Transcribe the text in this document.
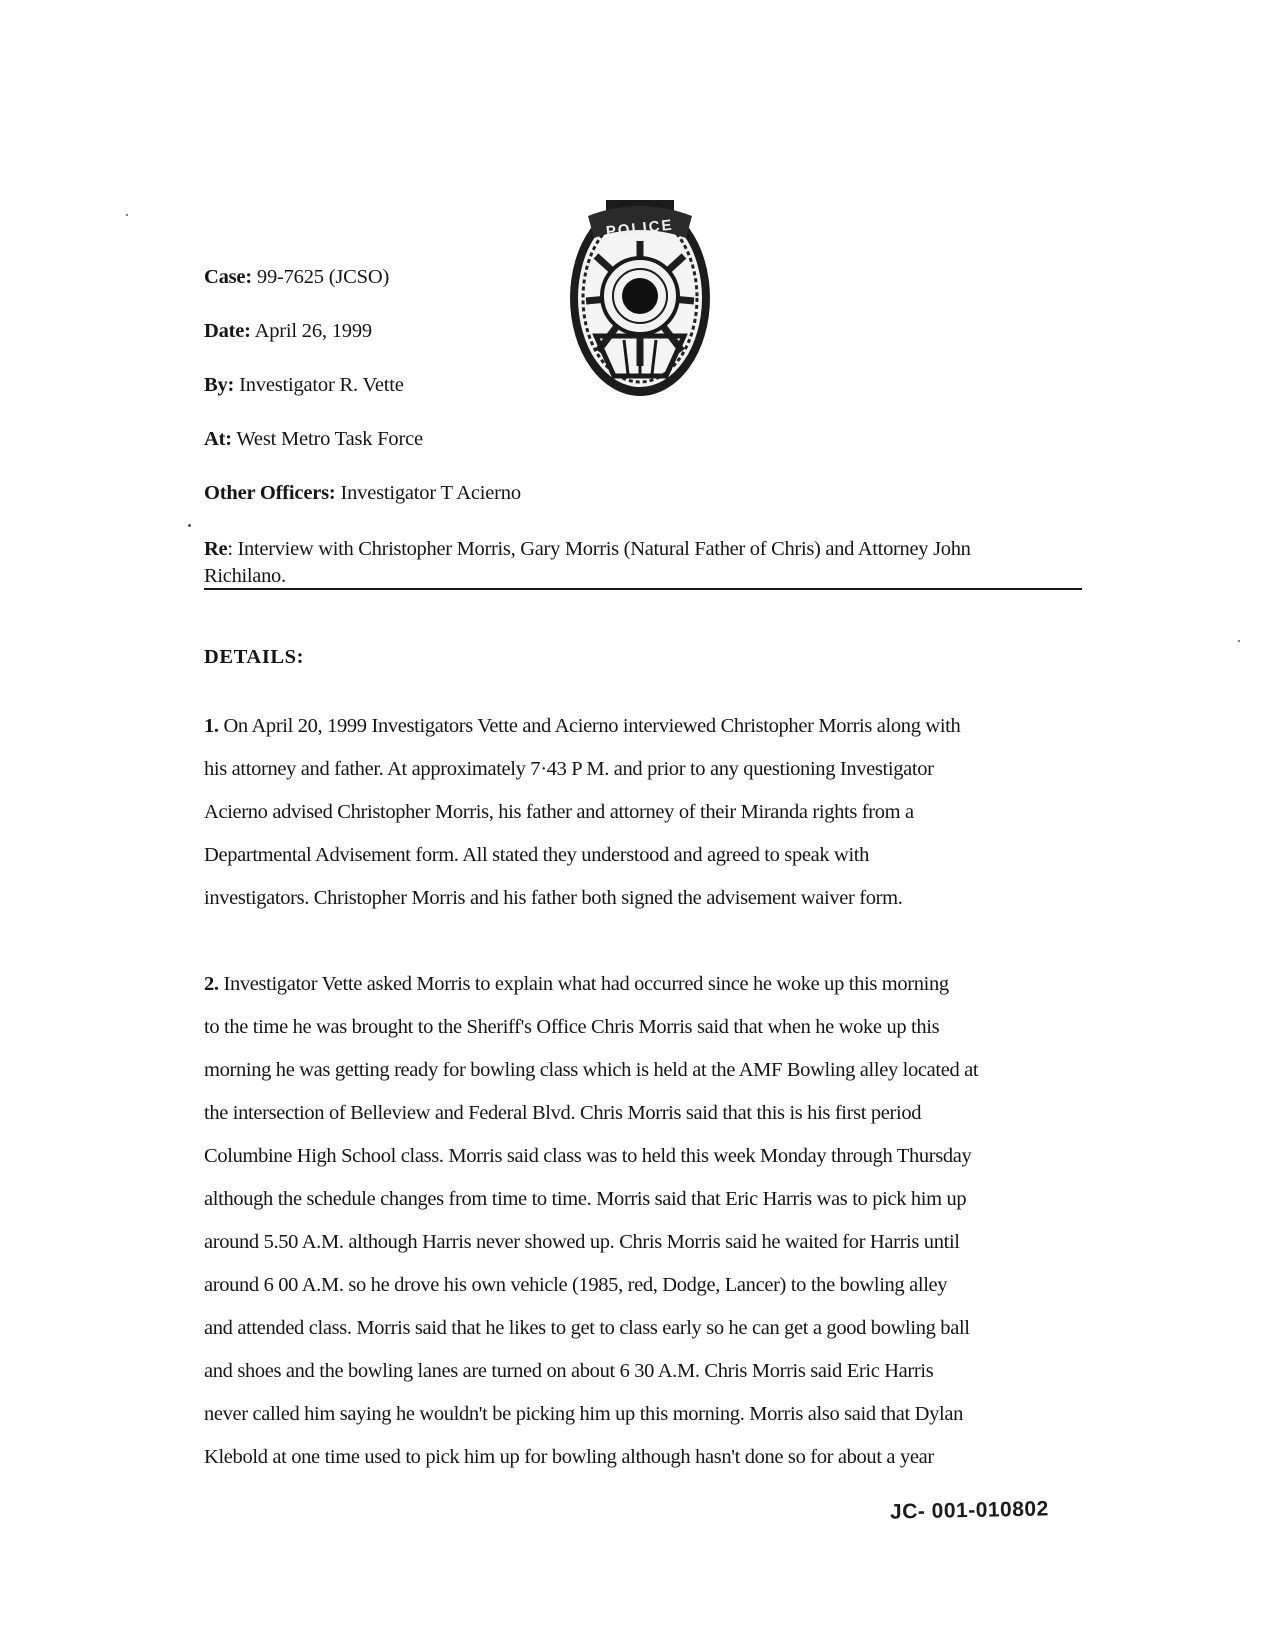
Case: 99-7625 (JCSO)
Date: April 26, 1999
By: Investigator R. Vette
At: West Metro Task Force
Other Officers: Investigator T Acierno
Re: Interview with Christopher Morris, Gary Morris (Natural Father of Chris) and Attorney John
Richilano.
POLICE
DETAILS:
1. On April 20, 1999 Investigators Vette and Acierno interviewed Christopher Morris along with
his attorney and father. At approximately 7·43 P M. and prior to any questioning Investigator
Acierno advised Christopher Morris, his father and attorney of their Miranda rights from a
Departmental Advisement form. All stated they understood and agreed to speak with
investigators. Christopher Morris and his father both signed the advisement waiver form.
2. Investigator Vette asked Morris to explain what had occurred since he woke up this morning
to the time he was brought to the Sheriff's Office Chris Morris said that when he woke up this
morning he was getting ready for bowling class which is held at the AMF Bowling alley located at
the intersection of Belleview and Federal Blvd. Chris Morris said that this is his first period
Columbine High School class. Morris said class was to held this week Monday through Thursday
although the schedule changes from time to time. Morris said that Eric Harris was to pick him up
around 5.50 A.M. although Harris never showed up. Chris Morris said he waited for Harris until
around 6 00 A.M. so he drove his own vehicle (1985, red, Dodge, Lancer) to the bowling alley
and attended class. Morris said that he likes to get to class early so he can get a good bowling ball
and shoes and the bowling lanes are turned on about 6 30 A.M. Chris Morris said Eric Harris
never called him saying he wouldn't be picking him up this morning. Morris also said that Dylan
Klebold at one time used to pick him up for bowling although hasn't done so for about a year
JC- 001-010802
